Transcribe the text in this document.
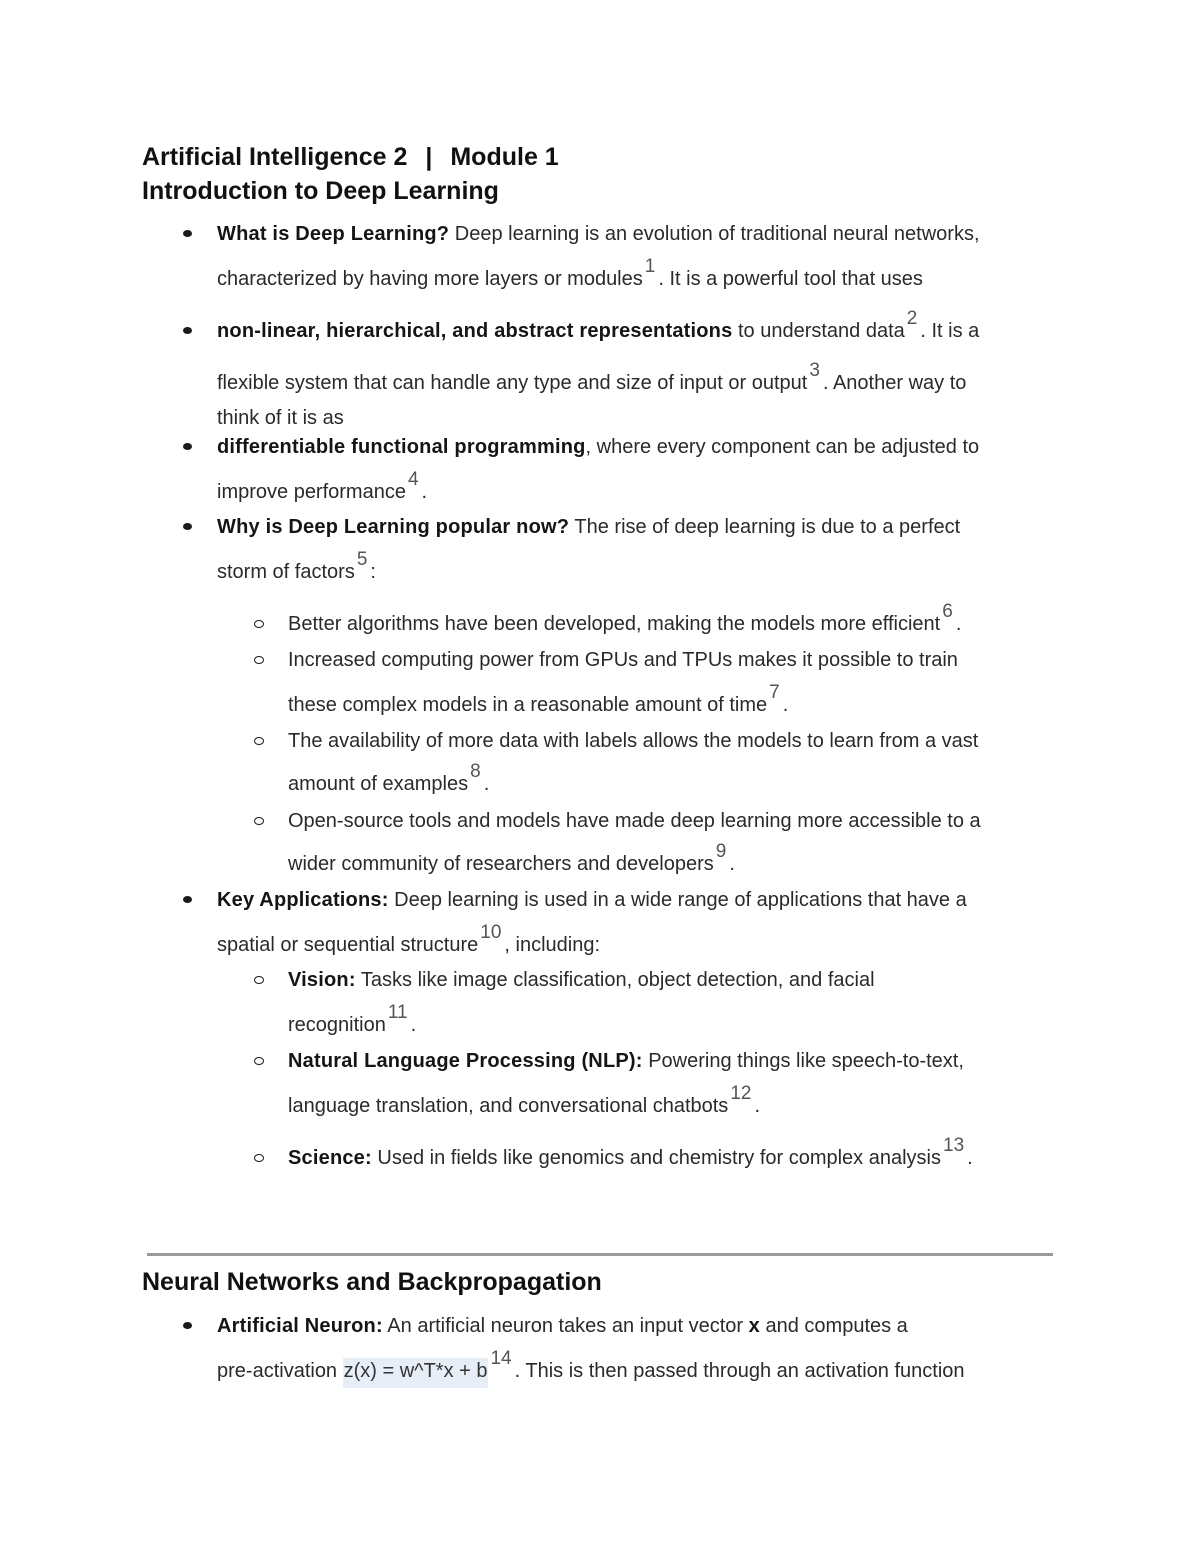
Artificial Intelligence 2 | Module 1
Introduction to Deep Learning
What is Deep Learning? Deep learning is an evolution of traditional neural networks,
characterized by having more layers or modules$^1$. It is a powerful tool that uses
non-linear, hierarchical, and abstract representations to understand data$^2$. It is a
flexible system that can handle any type and size of input or output$^3$. Another way to
think of it is as
differentiable functional programming, where every component can be adjusted to
improve performance$^4$.
Why is Deep Learning popular now? The rise of deep learning is due to a perfect
storm of factors$^5$:
Better algorithms have been developed, making the models more efficient$^6$.
Increased computing power from GPUs and TPUs makes it possible to train
these complex models in a reasonable amount of time$^7$.
The availability of more data with labels allows the models to learn from a vast
amount of examples$^8$.
Open-source tools and models have made deep learning more accessible to a
wider community of researchers and developers$^9$.
Key Applications: Deep learning is used in a wide range of applications that have a
spatial or sequential structure$^{10}$, including:
Vision: Tasks like image classification, object detection, and facial
recognition$^{11}$.
Natural Language Processing (NLP): Powering things like speech-to-text,
language translation, and conversational chatbots$^{12}$.
Science: Used in fields like genomics and chemistry for complex analysis$^{13}$.
Neural Networks and Backpropagation
Artificial Neuron: An artificial neuron takes an input vector x and computes a
pre-activation z(x) = w^T*x + $b^{14}$. This is then passed through an activation function
